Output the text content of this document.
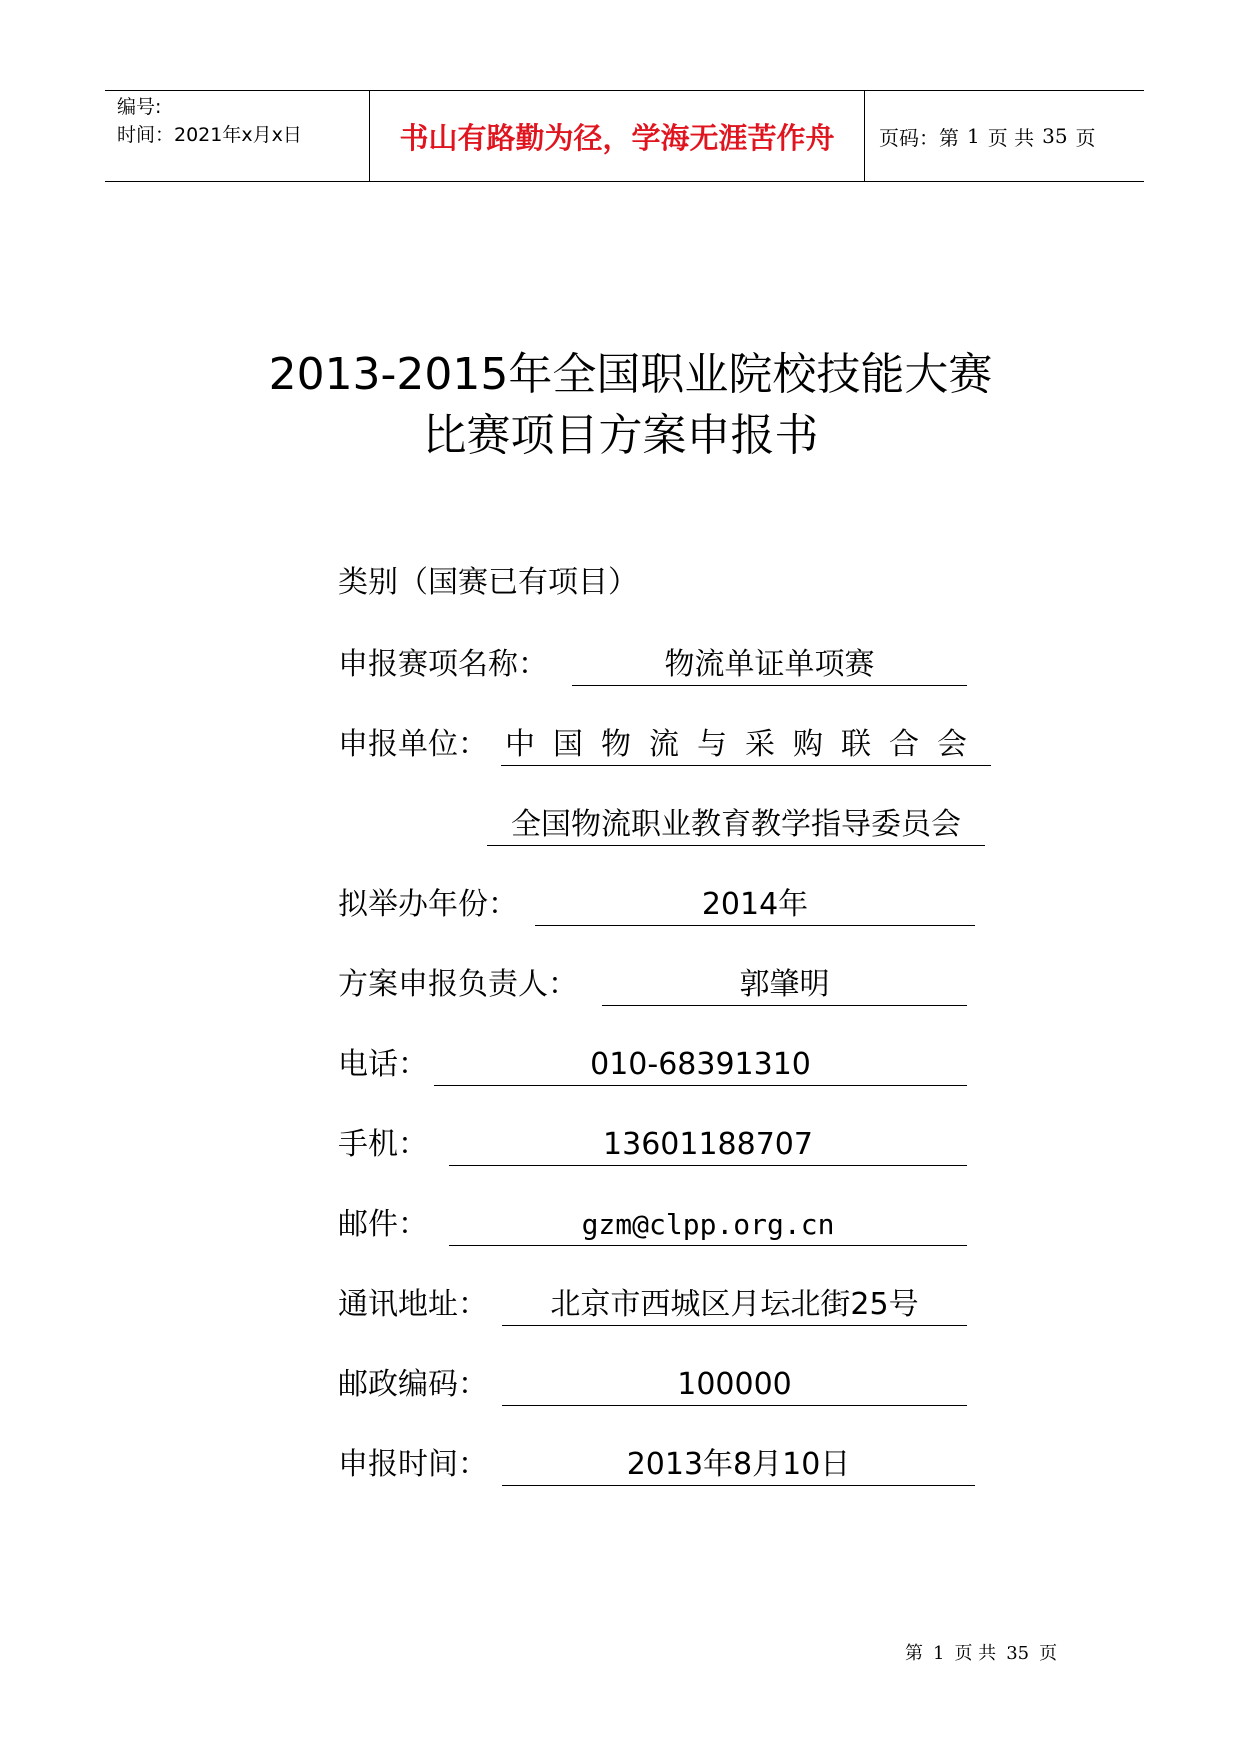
编号:
时间：2021年x月x日	书山有路勤为径，学海无涯苦作舟	页码：第 1 页 共 35 页
2013-2015年全国职业院校技能大赛
比赛项目方案申报书
类别（国赛已有项目）
申报赛项名称：	物流单证单项赛
申报单位： 中国物流与采购联合会
全国物流职业教育教学指导委员会
拟举办年份：	2014年
方案申报负责人：	郭肇明
电话：	010-68391310
手机：	13601188707
邮件：	gzm@clpp.org.cn
通讯地址：	北京市西城区月坛北街25号
邮政编码：	100000
申报时间：	2013年8月10日
第 1 页 共 35 页
